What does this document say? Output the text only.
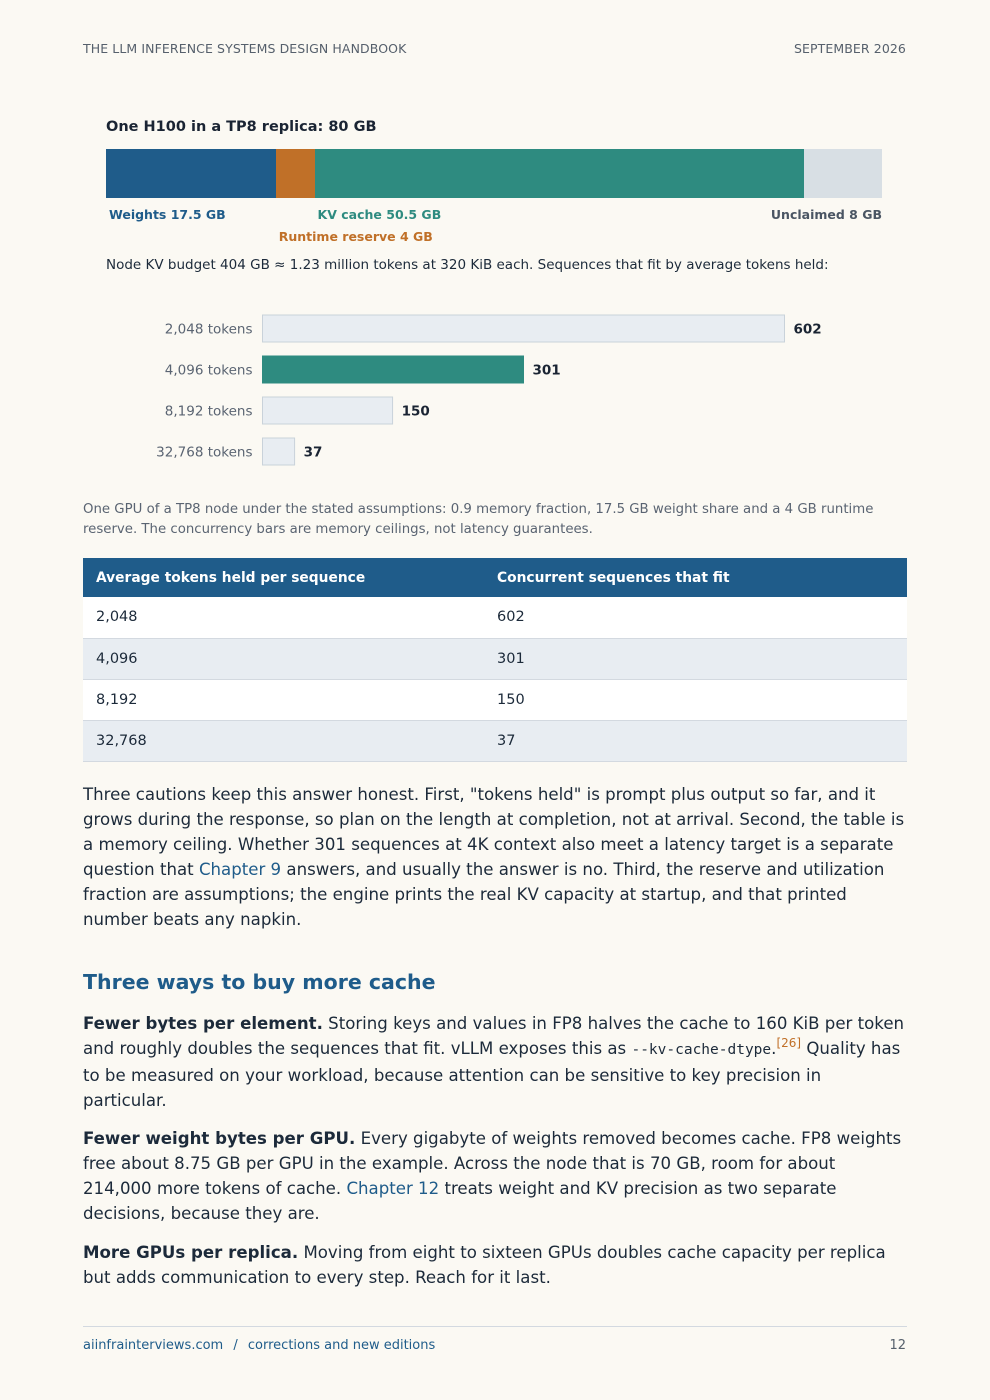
THE LLM INFERENCE SYSTEMS DESIGN HANDBOOK	SEPTEMBER 2026
One H100 in a TP8 replica: 80 GB
Weights 17.5 GB
Runtime reserve 4 GB
KV cache 50.5 GB	Unclaimed 8 GB
Node KV budget 404 GB ≈ 1.23 million tokens at 320 KiB each. Sequences that fit by average tokens held:
2,048 tokens	602
4,096 tokens	301
8,192 tokens	150
32,768 tokens	37
One GPU of a TP8 node under the stated assumptions: 0.9 memory fraction, 17.5 GB weight share and a 4 GB runtime reserve. The concurrency bars are memory ceilings, not latency guarantees.
Average tokens held per sequence	Concurrent sequences that fit
2,048	602
4,096	301
8,192	150
32,768	37

Three cautions keep this answer honest. First, "tokens held" is prompt plus output so far, and it grows during the response, so plan on the length at completion, not at arrival. Second, the table is a memory ceiling. Whether 301 sequences at 4K context also meet a latency target is a separate question that Chapter 9 answers, and usually the answer is no. Third, the reserve and utilization fraction are assumptions; the engine prints the real KV capacity at startup, and that printed number beats any napkin.

Three ways to buy more cache

Fewer bytes per element. Storing keys and values in FP8 halves the cache to 160 KiB per token and roughly doubles the sequences that fit. vLLM exposes this as --kv-cache-dtype.[26] Quality has to be measured on your workload, because attention can be sensitive to key precision in particular.

Fewer weight bytes per GPU. Every gigabyte of weights removed becomes cache. FP8 weights free about 8.75 GB per GPU in the example. Across the node that is 70 GB, room for about 214,000 more tokens of cache. Chapter 12 treats weight and KV precision as two separate decisions, because they are.

More GPUs per replica. Moving from eight to sixteen GPUs doubles cache capacity per replica but adds communication to every step. Reach for it last.

aiinfrainterviews.com / corrections and new editions	12
